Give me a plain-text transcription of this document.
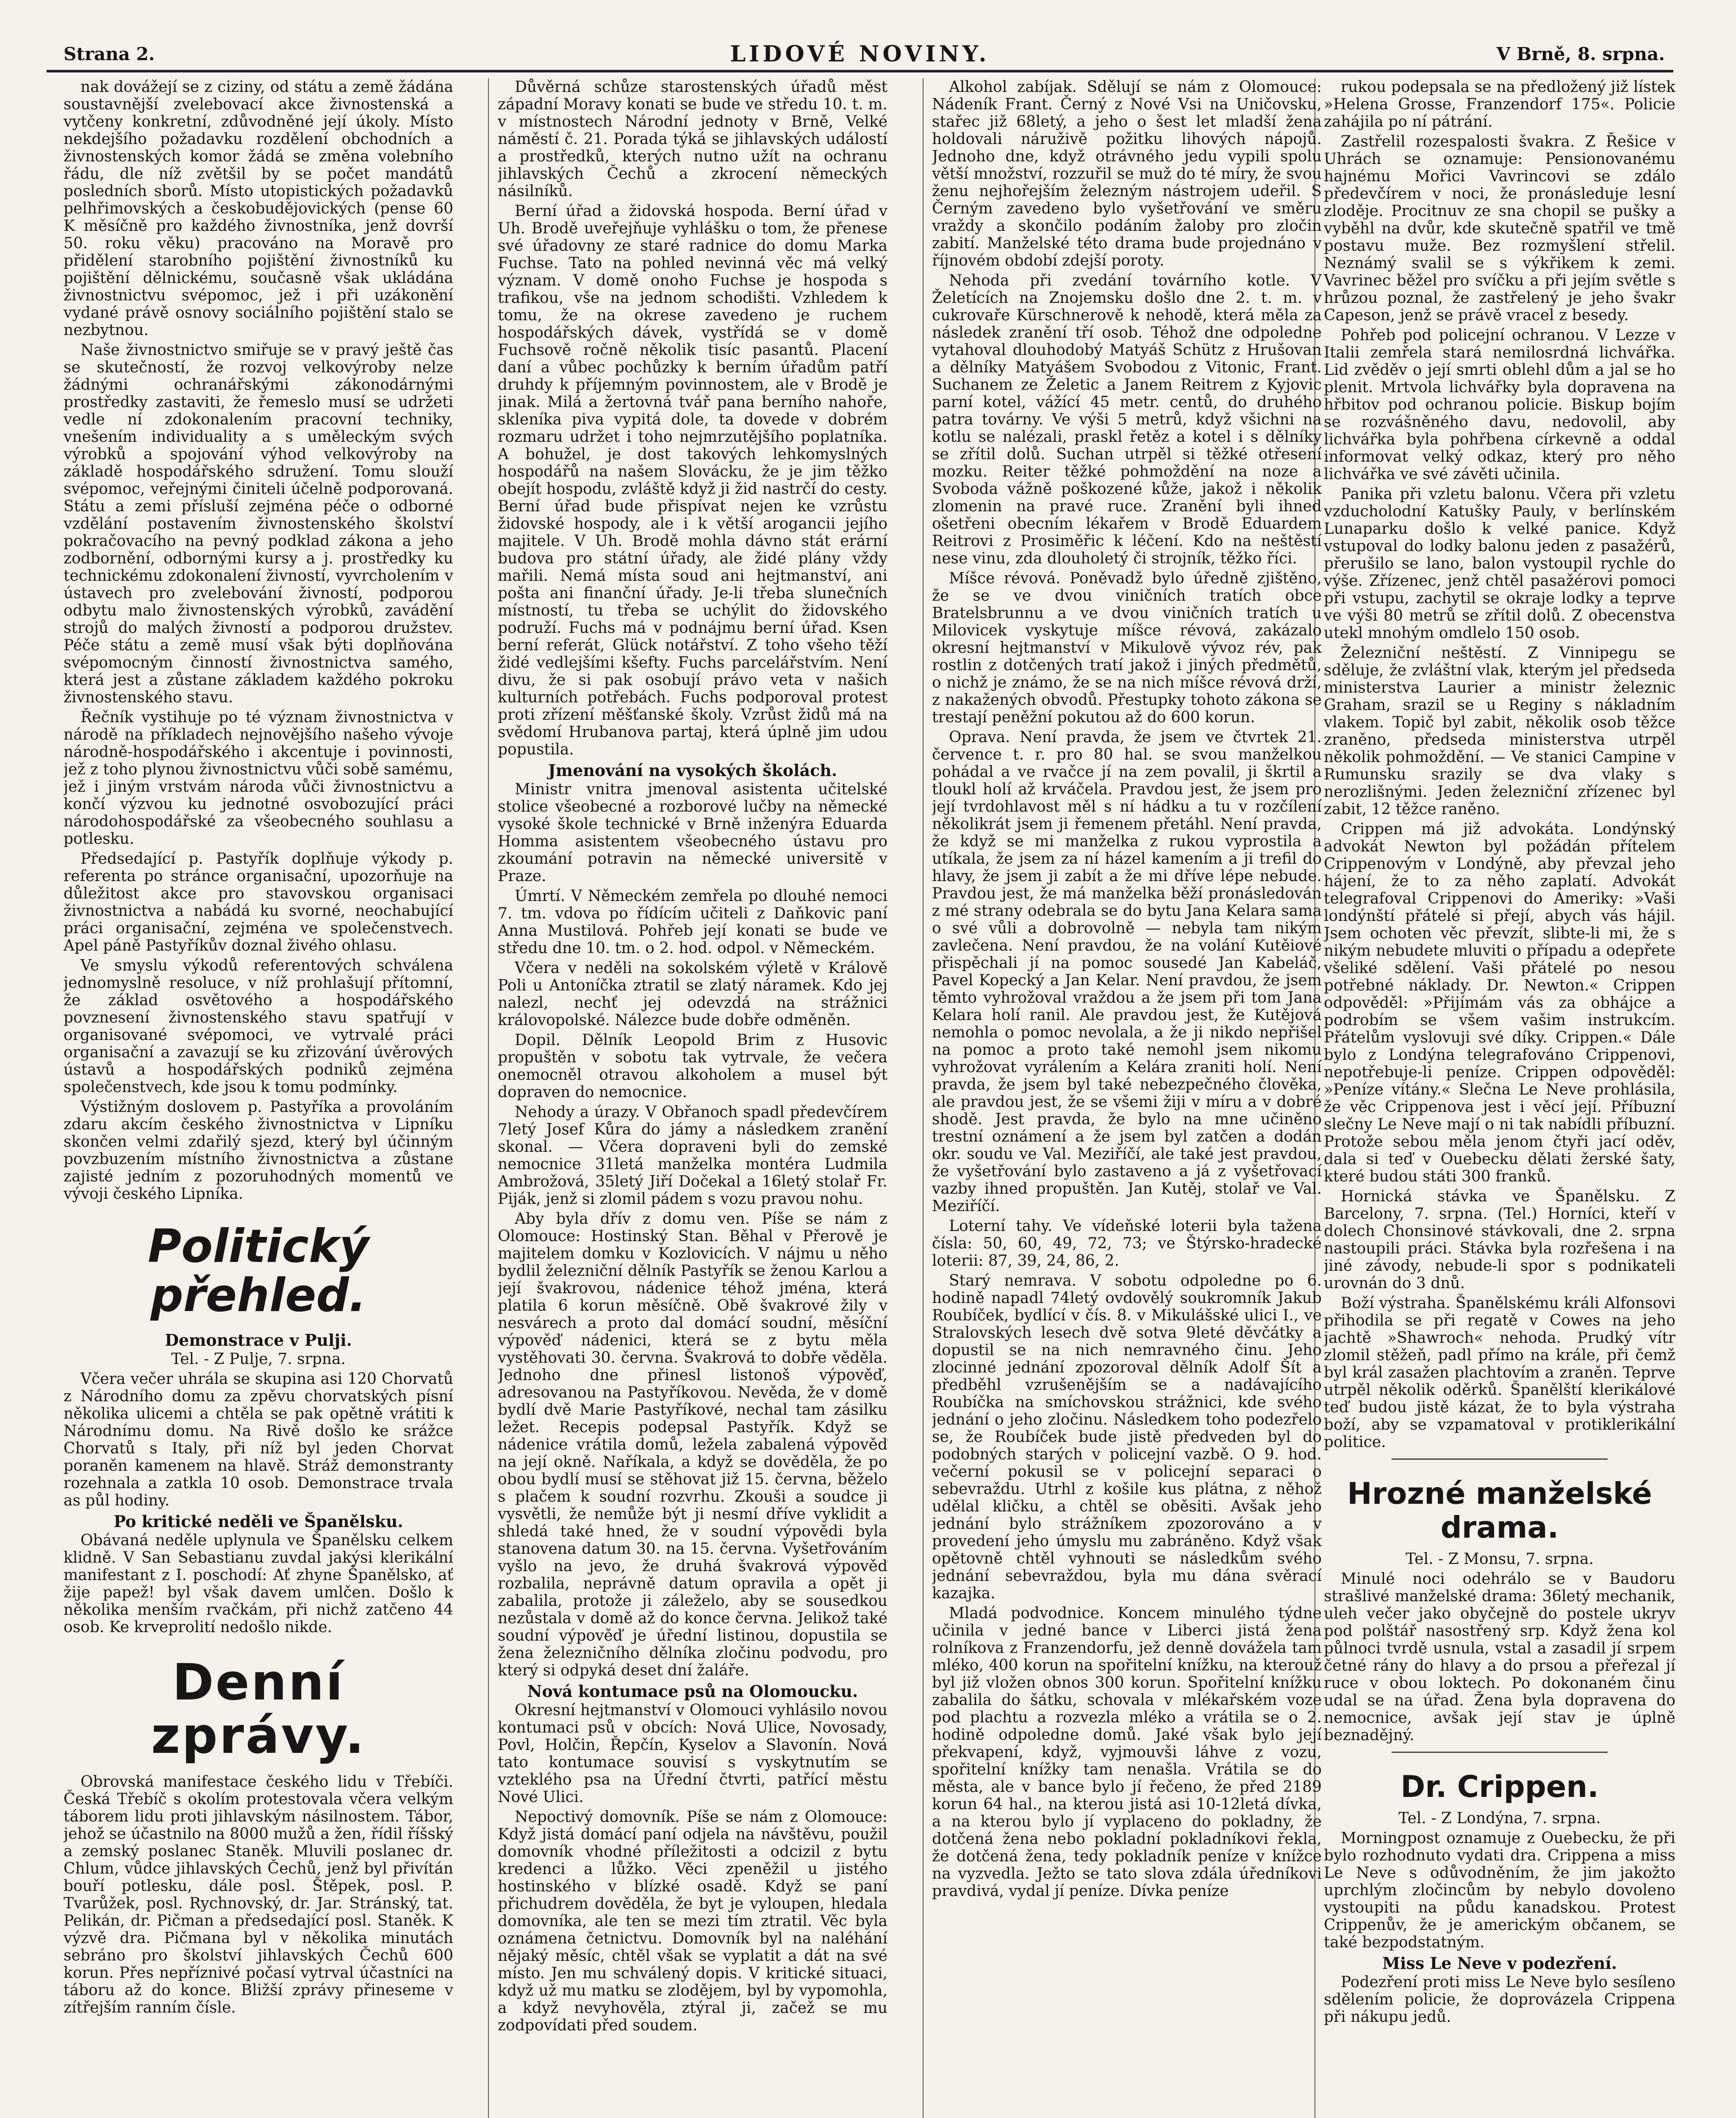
Strana 2.	LIDOVÉ NOVINY.	V Brně, 8. srpna.

nak dovážejí se z ciziny, od státu a země žádána soustavnější zvelebovací akce živnostenská a vytčeny konkretní, zdůvodněné její úkoly. Místo nekdejšího požadavku rozdělení obchodních a živnostenských komor žádá se změna volebního řádu, dle níž zvětšil by se počet mandátů posledních sborů. Místo utopistických požadavků pelhřimovských a českobudějovických (pense 60 K měsíčně pro každého živnostníka, jenž dovrší 50. roku věku) pracováno na Moravě pro přidělení starobního pojištění živnostníků ku pojištění dělnickému, současně však ukládána živnostnictvu svépomoc, jež i při uzákonění vydané právě osnovy sociálního pojištění stalo se nezbytnou.

Naše živnostnictvo smiřuje se v pravý ještě čas se skutečností, že rozvoj velkovýroby nelze žádnými ochranářskými zákonodárnými prostředky zastaviti, že řemeslo musí se udržeti vedle ní zdokonalením pracovní techniky, vnešením individuality a s uměleckým svých výrobků a spojování výhod velkovýroby na základě hospodářského sdružení. Tomu slouží svépomoc, veřejnými činiteli účelně podporovaná. Státu a zemi přísluší zejména péče o odborné vzdělání postavením živnostenského školství pokračovacího na pevný podklad zákona a jeho zodbornění, odbornými kursy a j. prostředky ku technickému zdokonalení živností, vyvrcholením v ústavech pro zvelebování živností, podporou odbytu malo živnostenských výrobků, zavádění strojů do malých živností a podporou družstev. Péče státu a země musí však býti doplňována svépomocným činností živnostnictva samého, která jest a zůstane základem každého pokroku živnostenského stavu.

Řečník vystihuje po té význam živnostnictva v národě na příkladech nejnovějšího našeho vývoje národně-hospodářského i akcentuje i povinnosti, jež z toho plynou živnostnictvu vůči sobě samému, jež i jiným vrstvám národa vůči živnostnictvu a končí výzvou ku jednotné osvobozující práci národohospodářské za všeobecného souhlasu a potlesku.

Předsedající p. Pastyřík doplňuje výkody p. referenta po stránce organisační, upozorňuje na důležitost akce pro stavovskou organisaci živnostnictva a nabádá ku svorné, neochabující práci organisační, zejména ve společenstvech. Apel páně Pastyříkův doznal živého ohlasu.

Ve smyslu výkodů referentových schválena jednomyslně resoluce, v níž prohlašují přítomní, že základ osvětového a hospodářského povznesení živnostenského stavu spatřují v organisované svépomoci, ve vytrvalé práci organisační a zavazují se ku zřizování úvěrových ústavů a hospodářských podniků zejména společenstvech, kde jsou k tomu podmínky.

Výstižným doslovem p. Pastyříka a provoláním zdaru akcím českého živnostnictva v Lipníku skončen velmi zdařilý sjezd, který byl účinným povzbuzením místního živnostnictva a zůstane zajisté jedním z pozoruhodných momentů ve vývoji českého Lipníka.

Politický přehled.
Demonstrace v Pulji.
Tel. - Z Pulje, 7. srpna.

Včera večer uhrála se skupina asi 120 Chorvatů z Národního domu za zpěvu chorvatských písní několika ulicemi a chtěla se pak opětně vrátiti k Národnímu domu. Na Rivě došlo ke srážce Chorvatů s Italy, při níž byl jeden Chorvat poraněn kamenem na hlavě. Stráž demonstranty rozehnala a zatkla 10 osob. Demonstrace trvala as půl hodiny.

Po kritické neděli ve Španělsku.

Obávaná neděle uplynula ve Španělsku celkem klidně. V San Sebastianu zuvdal jakýsi klerikální manifestant z I. poschodí: Ať zhyne Španělsko, ať žije papež! byl však davem umlčen. Došlo k několika menším rvačkám, při nichž zatčeno 44 osob. Ke krveprolití nedošlo nikde.

Denní zprávy.

Obrovská manifestace českého lidu v Třebíči. Česká Třebíč s okolím protestovala včera velkým táborem lidu proti jihlavským násilnostem. Tábor, jehož se účastnilo na 8000 mužů a žen, řídil říšský a zemský poslanec Staněk. Mluvili poslanec dr. Chlum, vůdce jihlavských Čechů, jenž byl přivítán bouří potlesku, dále posl. Štěpek, posl. P. Tvarůžek, posl. Rychnovský, dr. Jar. Stránský, tat. Pelikán, dr. Pičman a předsedající posl. Staněk. K výzvě dra. Pičmana byl v několika minutách sebráno pro školství jihlavských Čechů 600 korun. Přes nepříznivé počasí vytrval účastníci na táboru až do konce. Bližší zprávy přineseme v zítřejším ranním čísle.

Důvěrná schůze starostenských úřadů měst západní Moravy konati se bude ve středu 10. t. m. v místnostech Národní jednoty v Brně, Velké náměstí č. 21. Porada týká se jihlavských událostí a prostředků, kterých nutno užít na ochranu jihlavských Čechů a zkrocení německých násilníků.

Berní úřad a židovská hospoda. Berní úřad v Uh. Brodě uveřejňuje vyhlášku o tom, že přenese své úřadovny ze staré radnice do domu Marka Fuchse. Tato na pohled nevinná věc má velký význam. V domě onoho Fuchse je hospoda s trafikou, vše na jednom schodišti. Vzhledem k tomu, že na okrese zavedeno je ruchem hospodářských dávek, vystřídá se v domě Fuchsově ročně několik tisíc pasantů. Placení daní a vůbec pochůzky k berním úřadům patří druhdy k příjemným povinnostem, ale v Brodě je jinak. Milá a žertovná tvář pana berního nahoře, skleníka piva vypitá dole, ta dovede v dobrém rozmaru udržet i toho nejmrzutějšího poplatníka. A bohužel, je dost takových lehkomyslných hospodářů na našem Slovácku, že je jim těžko obejít hospodu, zvláště když ji žid nastrčí do cesty. Berní úřad bude přispívat nejen ke vzrůstu židovské hospody, ale i k větší arogancii jejího majitele. V Uh. Brodě mohla dávno stát erární budova pro státní úřady, ale židé plány vždy mařili. Nemá místa soud ani hejtmanství, ani pošta ani finanční úřady. Je-li třeba slunečních místností, tu třeba se uchýlit do židovského podruží. Fuchs má v podnájmu berní úřad. Ksen berní referát, Glück notářství. Z toho všeho těží židé vedlejšími kšefty. Fuchs parcelářstvím. Není divu, že si pak osobují právo veta v našich kulturních potřebách. Fuchs podporoval protest proti zřízení měšťanské školy. Vzrůst židů má na svědomí Hrubanova partaj, která úplně jim udou popustila.

Jmenování na vysokých školách.

Ministr vnitra jmenoval asistenta učitelské stolice všeobecné a rozborové lučby na německé vysoké škole technické v Brně inženýra Eduarda Homma asistentem všeobecného ústavu pro zkoumání potravin na německé universitě v Praze.

Úmrtí. V Německém zemřela po dlouhé nemoci 7. tm. vdova po řídícím učiteli z Daňkovic paní Anna Mustilová. Pohřeb její konati se bude ve středu dne 10. tm. o 2. hod. odpol. v Německém.

Včera v neděli na sokolském výletě v Králově Poli u Antoníčka ztratil se zlatý náramek. Kdo jej nalezl, nechť jej odevzdá na strážnici královopolské. Nálezce bude dobře odměněn.

Dopil. Dělník Leopold Brim z Husovic propuštěn v sobotu tak vytrvale, že večera onemocněl otravou alkoholem a musel být dopraven do nemocnice.

Nehody a úrazy. V Obřanoch spadl předevčírem 7letý Josef Kůra do jámy a následkem zranění skonal. — Včera dopraveni byli do zemské nemocnice 31letá manželka montéra Ludmila Ambrožová, 35letý Jiří Dočekal a 16letý stolař Fr. Piják, jenž si zlomil pádem s vozu pravou nohu.

Aby byla dřív z domu ven. Píše se nám z Olomouce: Hostinský Stan. Běhal v Přerově je majitelem domku v Kozlovicích. V nájmu u něho bydlil železniční dělník Pastyřík se ženou Karlou a její švakrovou, nádenice téhož jména, která platila 6 korun měsíčně. Obě švakrové žily v nesvárech a proto dal domácí soudní, měsíční výpověď nádenici, která se z bytu měla vystěhovati 30. června. Švakrová to dobře věděla. Jednoho dne přinesl listonoš výpověď, adresovanou na Pastyříkovou. Nevěda, že v domě bydlí dvě Marie Pastyříkové, nechal tam zásilku ležet. Recepis podepsal Pastyřík. Když se nádenice vrátila domů, ležela zabalená výpověď na její okně. Naříkala, a když se dověděla, že po obou bydlí musí se stěhovat již 15. června, běželo s plačem k soudní rozvrhu. Zkouši a soudce ji vysvětli, že nemůže být ji nesmí dříve vyklidit a shledá také hned, že v soudní výpovědi byla stanovena datum 30. na 15. června. Vyšetřováním vyšlo na jevo, že druhá švakrová výpověď rozbalila, neprávně datum opravila a opět ji zabalila, protože ji záleželo, aby se sousedkou nezůstala v domě až do konce června. Jelikož také soudní výpověď je úřední listinou, dopustila se žena železničního dělníka zločinu podvodu, pro který si odpyká deset dní žaláře.

Nová kontumace psů na Olomoucku.

Okresní hejtmanství v Olomouci vyhlásilo novou kontumaci psů v obcích: Nová Ulice, Novosady, Povl, Holčin, Řepčín, Kyselov a Slavonín. Nová tato kontumace souvisí s vyskytnutím se vzteklého psa na Úřední čtvrti, patřící městu Nové Ulici.

Nepoctivý domovník. Píše se nám z Olomouce: Když jistá domácí paní odjela na návštěvu, použil domovník vhodné příležitosti a odcizil z bytu kredenci a lůžko. Věci zpeněžil u jistého hostinského v blízké osadě. Když se paní přichudrem dověděla, že byt je vyloupen, hledala domovníka, ale ten se mezi tím ztratil. Věc byla oznámena četnictvu. Domovník byl na naléhání nějaký měsíc, chtěl však se vyplatit a dát na své místo. Jen mu schválený dopis. V kritické situaci, když už mu matku se zlodějem, byl by vypomohla, a když nevyhověla, ztýral ji, začež se mu zodpovídati před soudem.

Alkohol zabíjak. Sdělují se nám z Olomouce: Nádeník Frant. Černý z Nové Vsi na Uničovsku, stařec již 68letý, a jeho o šest let mladší žena holdovali náruživě požitku lihových nápojů. Jednoho dne, když otrávného jedu vypili spolu větší množství, rozzuřil se muž do té míry, že svou ženu nejhořejším železným nástrojem udeřil. S Černým zavedeno bylo vyšetřování ve směru vraždy a skončilo podáním žaloby pro zločin zabití. Manželské této drama bude projednáno v říjnovém období zdejší poroty.

Nehoda při zvedání továrního kotle. V Želetících na Znojemsku došlo dne 2. t. m. v cukrovaře Kürschnerově k nehodě, která měla za následek zranění tří osob. Téhož dne odpoledne vytahoval dlouhodobý Matyáš Schütz z Hrušovan a dělníky Matyášem Svobodou z Vitonic, Frant. Suchanem ze Želetic a Janem Reitrem z Kyjovic parní kotel, vážící 45 metr. centů, do druhého patra továrny. Ve výši 5 metrů, když všichni na kotlu se nalézali, praskl řetěz a kotel i s dělníky se zřítil dolů. Suchan utrpěl si těžké otřesení mozku. Reiter těžké pohmoždění na noze a Svoboda vážně poškozené kůže, jakož i několik zlomenin na pravé ruce. Zranění byli ihned ošetřeni obecním lékařem v Brodě Eduardem Reitrovi z Prosiměřic k léčení. Kdo na neštěstí nese vinu, zda dlouholetý či strojník, těžko říci.

Míšce révová. Poněvadž bylo úředně zjištěno, že se ve dvou viničních tratích obce Bratelsbrunnu a ve dvou viničních tratích u Milovicek vyskytuje míšce révová, zakázalo okresní hejtmanství v Mikulově vývoz rév, pak rostlin z dotčených tratí jakož i jiných předmětů, o nichž je známo, že se na nich míšce révová drží, z nakažených obvodů. Přestupky tohoto zákona se trestají peněžní pokutou až do 600 korun.

Oprava. Není pravda, že jsem ve čtvrtek 21. července t. r. pro 80 hal. se svou manželkou pohádal a ve rvačce jí na zem povalil, ji škrtil a tloukl holí až krváčela. Pravdou jest, že jsem pro její tvrdohlavost měl s ní hádku a tu v rozčílení několikrát jsem ji řemenem přetáhl. Není pravda, že když se mi manželka z rukou vyprostila a utíkala, že jsem za ní házel kamením a ji trefil do hlavy, že jsem ji zabít a že mi dříve lépe nebude. Pravdou jest, že má manželka běží pronásledován z mé strany odebrala se do bytu Jana Kelara sama o své vůli a dobrovolně — nebyla tam nikým zavlečena. Není pravdou, že na volání Kutěiové přispěchali jí na pomoc sousedé Jan Kabeláč, Pavel Kopecký a Jan Kelar. Není pravdou, že jsem těmto vyhrožoval vraždou a že jsem při tom Jana Kelara holí ranil. Ale pravdou jest, že Kutějová nemohla o pomoc nevolala, a že ji nikdo nepřišel na pomoc a proto také nemohl jsem nikomu vyhrožovat vyrálením a Kelára zraniti holí. Není pravda, že jsem byl také nebezpečného člověka, ale pravdou jest, že se všemi žiji v míru a v dobré shodě. Jest pravda, že bylo na mne učiněno trestní oznámení a že jsem byl zatčen a dodán okr. soudu ve Val. Meziříčí, ale také jest pravdou, že vyšetřování bylo zastaveno a já z vyšetřovací vazby ihned propuštěn. Jan Kutěj, stolař ve Val. Meziříčí.

Loterní tahy. Ve vídeňské loterii byla tažena čísla: 50, 60, 49, 72, 73; ve Štýrsko-hradecké loterii: 87, 39, 24, 86, 2.

Starý nemrava. V sobotu odpoledne po 6. hodině napadl 74letý ovdovělý soukromník Jakub Roubíček, bydlící v čís. 8. v Mikulášské ulici I., ve Stralovských lesech dvě sotva 9leté děvčátky a dopustil se na nich nemravného činu. Jeho zlocinné jednání zpozoroval dělník Adolf Šít a předběhl vzrušenějším se a nadávajícího Roubíčka na smíchovskou strážnici, kde svého jednání o jeho zločinu. Následkem toho podezřelo se, že Roubíček bude jistě předveden byl do podobných starých v policejní vazbě. O 9. hod. večerní pokusil se v policejní separaci o sebevraždu. Utrhl z košile kus plátna, z něhož udělal kličku, a chtěl se oběsiti. Avšak jeho jednání bylo strážníkem zpozorováno a v provedení jeho úmyslu mu zabráněno. Když však opětovně chtěl vyhnouti se následkům svého jednání sebevraždou, byla mu dána svěrací kazajka.

Mladá podvodnice. Koncem minulého týdne učinila v jedné bance v Liberci jistá žena rolníkova z Franzendorfu, jež denně dovážela tam mléko, 400 korun na spořitelní knížku, na kterouž byl již vložen obnos 300 korun. Spořitelní knížku zabalila do šátku, schovala v mlékařském voze pod plachtu a rozvezla mléko a vrátila se o 2. hodině odpoledne domů. Jaké však bylo její překvapení, když, vyjmouvši láhve z vozu, spořitelní knížky tam nenašla. Vrátila se do města, ale v bance bylo jí řečeno, že před 2189 korun 64 hal., na kterou jistá asi 10-12letá dívka, a na kterou bylo jí vyplaceno do pokladny, že dotčená žena nebo pokladní pokladníkovi řekla, že dotčená žena, tedy pokladník peníze v knížce na vyzvedla. Ježto se tato slova zdála úředníkovi pravdivá, vydal jí peníze. Dívka peníze

rukou podepsala se na předložený již lístek »Helena Grosse, Franzendorf 175«. Policie zahájila po ní pátrání.

Zastřelil rozespalosti švakra. Z Řešice v Uhrách se oznamuje: Pensionovanému hajnému Mořici Vavrincovi se zdálo předevčírem v noci, že pronásleduje lesní zloděje. Procitnuv ze sna chopil se pušky a vyběhl na dvůr, kde skutečně spatřil ve tmě postavu muže. Bez rozmyšlení střelil. Neznámý svalil se s výkřikem k zemi. Vavrinec běžel pro svíčku a při jejím světle s hrůzou poznal, že zastřelený je jeho švakr Capeson, jenž se právě vracel z besedy.

Pohřeb pod policejní ochranou. V Lezze v Italii zemřela stará nemilosrdná lichvářka. Lid zvěděv o její smrti oblehl dům a jal se ho plenit. Mrtvola lichvářky byla dopravena na hřbitov pod ochranou policie. Biskup bojím se rozvášněného davu, nedovolil, aby lichvářka byla pohřbena církevně a oddal informovat velký odkaz, který pro něho lichvářka ve své závěti učinila.

Panika při vzletu balonu. Včera při vzletu vzducholodní Katušky Pauly, v berlínském Lunaparku došlo k velké panice. Když vstupoval do lodky balonu jeden z pasažérů, přerušilo se lano, balon vystoupil rychle do výše. Zřízenec, jenž chtěl pasažérovi pomoci při vstupu, zachytil se okraje lodky a teprve ve výši 80 metrů se zřítil dolů. Z obecenstva utekl mnohým omdlelo 150 osob.

Železniční neštěstí. Z Vinnipegu se sděluje, že zvláštní vlak, kterým jel předseda ministerstva Laurier a ministr železnic Graham, srazil se u Reginy s nákladním vlakem. Topič byl zabit, několik osob těžce zraněno, předseda ministerstva utrpěl několik pohmoždění. — Ve stanici Campine v Rumunsku srazily se dva vlaky s nerozlišnými. Jeden železniční zřízenec byl zabit, 12 těžce raněno.

Crippen má již advokáta. Londýnský advokát Newton byl požádán přítelem Crippenovým v Londýně, aby převzal jeho hájení, že to za něho zaplatí. Advokát telegrafoval Crippenovi do Ameriky: »Vaši londýnští přátelé si přejí, abych vás hájil. Jsem ochoten věc převzít, slibte-li mi, že s nikým nebudete mluviti o případu a odepřete všeliké sdělení. Vaši přátelé po nesou potřebné náklady. Dr. Newton.« Crippen odpověděl: »Přijímám vás za obhájce a podrobím se všem vašim instrukcím. Přátelům vyslovuji své díky. Crippen.« Dále bylo z Londýna telegrafováno Crippenovi, nepotřebuje-li peníze. Crippen odpověděl: »Peníze vítány.« Slečna Le Neve prohlásila, že věc Crippenova jest i věcí její. Příbuzní slečny Le Neve mají o ni tak nabídli příbuzní. Protože sebou měla jenom čtyři jací oděv, dala si teď v Ouebecku dělati žerské šaty, které budou státi 300 franků.

Hornická stávka ve Španělsku. Z Barcelony, 7. srpna. (Tel.) Horníci, kteří v dolech Chonsinové stávkovali, dne 2. srpna nastoupili práci. Stávka byla rozřešena i na jiné závody, nebude-li spor s podnikateli urovnán do 3 dnů.

Boží výstraha. Španělskému králi Alfonsovi přihodila se při regatě v Cowes na jeho jachtě »Shawroch« nehoda. Prudký vítr zlomil stěžeň, padl přímo na krále, při čemž byl král zasažen plachtovím a zraněn. Teprve utrpěl několik oděrků. Španělští klerikálové teď budou jistě kázat, že to byla výstraha boží, aby se vzpamatoval v protiklerikální politice.

Hrozné manželské drama.
Tel. - Z Monsu, 7. srpna.

Minulé noci odehrálo se v Baudoru strašlivé manželské drama: 36letý mechanik, uleh večer jako obyčejně do postele ukryv pod polštář nasostřený srp. Když žena kol půlnoci tvrdě usnula, vstal a zasadil jí srpem četné rány do hlavy a do prsou a přeřezal jí ruce v obou loktech. Po dokonaném činu udal se na úřad. Žena byla dopravena do nemocnice, avšak její stav je úplně beznadějný.

Dr. Crippen.
Tel. - Z Londýna, 7. srpna.

Morningpost oznamuje z Ouebecku, že při bylo rozhodnuto vydati dra. Crippena a miss Le Neve s odůvodněním, že jim jakožto uprchlým zločincům by nebylo dovoleno vystoupiti na půdu kanadskou. Protest Crippenův, že je americkým občanem, se také bezpodstatným.

Miss Le Neve v podezření.

Podezření proti miss Le Neve bylo sesíleno sdělením policie, že doprovázela Crippena při nákupu jedů.
